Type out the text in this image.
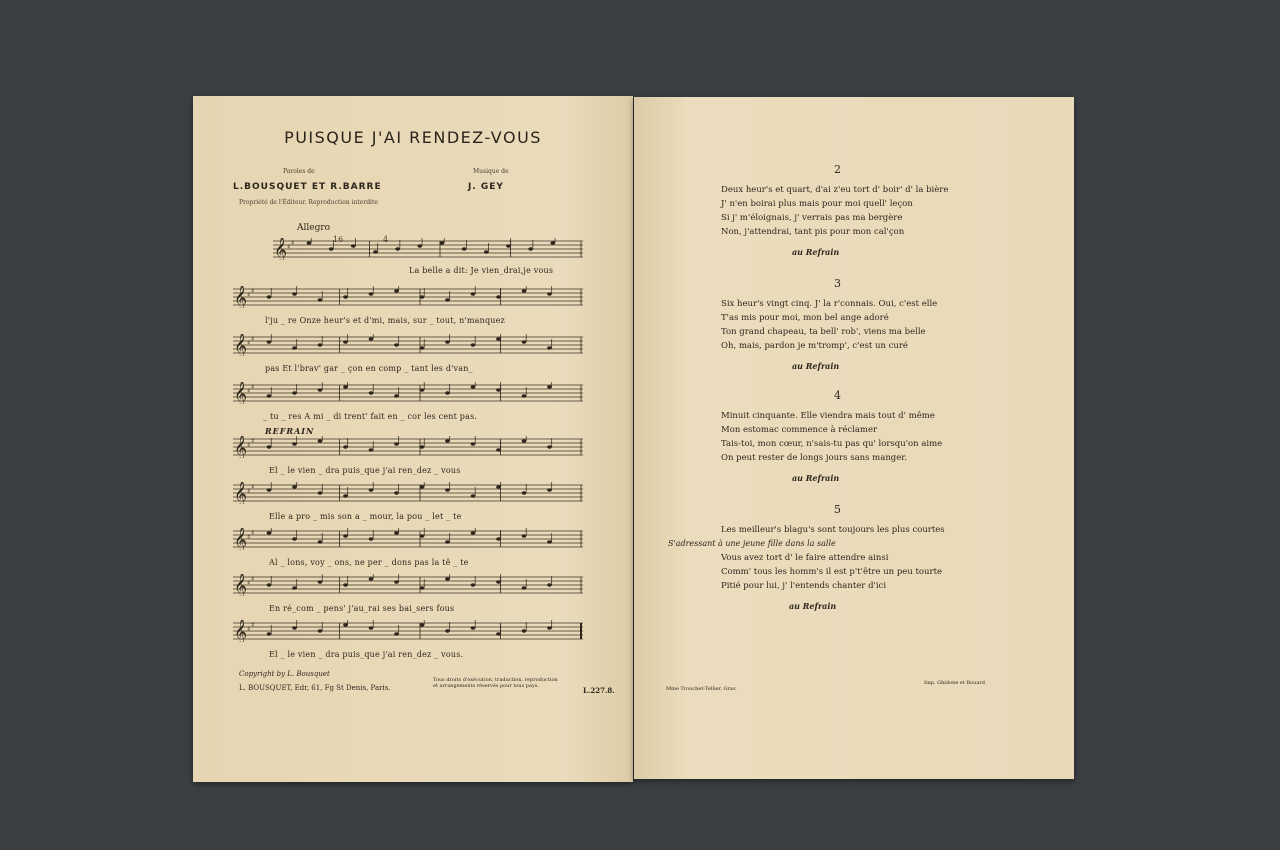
PUISQUE J'AI RENDEZ-VOUS
Paroles de	Musique de
L.BOUSQUET ET R.BARRE	J. GEY
Propriété de l'Éditeur. Reproduction interdite
Allegro
16	4
REFRAIN
𝄞 ♯ ♯
La belle a dit: Je vien_drai,je vous
𝄞 ♯ ♯
l'ju _ re Onze heur's et d'mi, mais, sur _ tout, n'manquez
𝄞 ♯ ♯
pas Et l'brav' gar _ çon en comp _ tant les d'van_
𝄞 ♯ ♯
_ tu _ res A mi _ di trent' fait en _ cor les cent pas.
𝄞 ♯ ♯
El _ le vien _ dra puis_que j'ai ren_dez _ vous
𝄞 ♯ ♯
Elle a pro _ mis son a _ mour, la pou _ let _ te
𝄞 ♯ ♯
Al _ lons, voy _ ons, ne per _ dons pas la tê _ te
𝄞 ♯ ♯
En ré_com _ pens' j'au_rai ses bai_sers fous
𝄞 ♯ ♯
El _ le vien _ dra puis_que j'ai ren_dez _ vous.
Copyright by L. Bousquet
L. BOUSQUET, Edr, 61, Fg St Denis, Paris.
Tous droits d'exécution, traduction, reproduction et arrangements réservés pour tous pays.	L.227.8.
2
Deux heur's et quart, d'ai z'eu tort d' boir' d' la bière
J' n'en boirai plus mais pour moi quell' leçon
Si j' m'éloignais, j' verrais pas ma bergère
Non, j'attendrai, tant pis pour mon cal'çon
au Refrain
3
Six heur's vingt cinq. J' la r'connais. Oui, c'est elle
T'as mis pour moi, mon bel ange adoré
Ton grand chapeau, ta bell' rob', viens ma belle
Oh, mais, pardon je m'tromp', c'est un curé
au Refrain
4
Minuit cinquante. Elle viendra mais tout d' même
Mon estomac commence à réclamer
Tais-toi, mon cœur, n'sais-tu pas qu' lorsqu'on aime
On peut rester de longs jours sans manger.
au Refrain
5
Les meilleur's blagu's sont toujours les plus courtes
S'adressant à une jeune fille dans la salle
Vous avez tort d' le faire attendre ainsi
Comm' tous les homm's il est p't'être un peu tourte
Pitié pour lui, j' l'entends chanter d'ici
au Refrain
Mme Trouchet-Tellier, Grav.
Imp. Ghidone et Bouard
